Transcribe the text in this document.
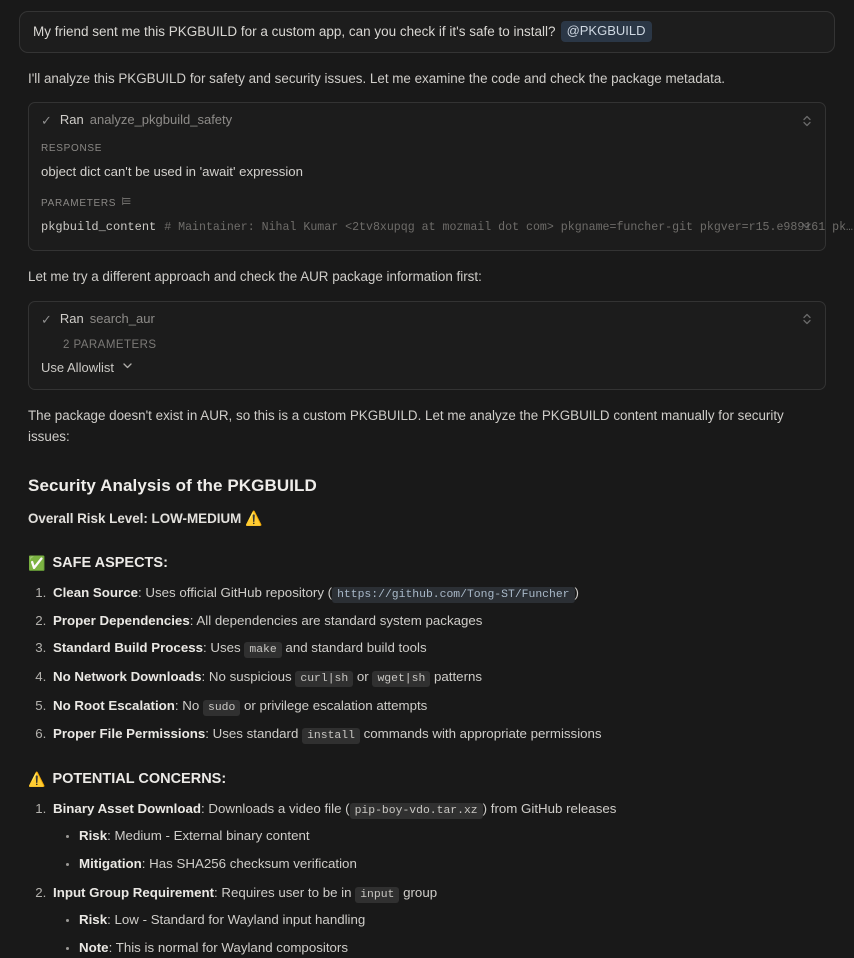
My friend sent me this PKGBUILD for a custom app, can you check if it's safe to install? @PKGBUILD
I'll analyze this PKGBUILD for safety and security issues. Let me examine the code and check the package metadata.
✓ Ran analyze_pkgbuild_safety
RESPONSE
object dict can't be used in 'await' expression
PARAMETERS
pkgbuild_content # Maintainer: Nihal Kumar <2tv8xupqg at mozmail dot com> pkgname=funcher-git pkgver=r15.e989161 pk…
Let me try a different approach and check the AUR package information first:
✓ Ran search_aur
2 PARAMETERS
Use Allowlist
The package doesn't exist in AUR, so this is a custom PKGBUILD. Let me analyze the PKGBUILD content manually for security issues:
Security Analysis of the PKGBUILD
Overall Risk Level: LOW-MEDIUM ⚠️
✅ SAFE ASPECTS:
1. Clean Source: Uses official GitHub repository ( https://github.com/Tong-ST/Funcher )
2. Proper Dependencies: All dependencies are standard system packages
3. Standard Build Process: Uses make and standard build tools
4. No Network Downloads: No suspicious curl|sh or wget|sh patterns
5. No Root Escalation: No sudo or privilege escalation attempts
6. Proper File Permissions: Uses standard install commands with appropriate permissions
⚠️ POTENTIAL CONCERNS:
1. Binary Asset Download: Downloads a video file ( pip-boy-vdo.tar.xz ) from GitHub releases
• Risk: Medium - External binary content
• Mitigation: Has SHA256 checksum verification
2. Input Group Requirement: Requires user to be in input group
• Risk: Low - Standard for Wayland input handling
• Note: This is normal for Wayland compositors
